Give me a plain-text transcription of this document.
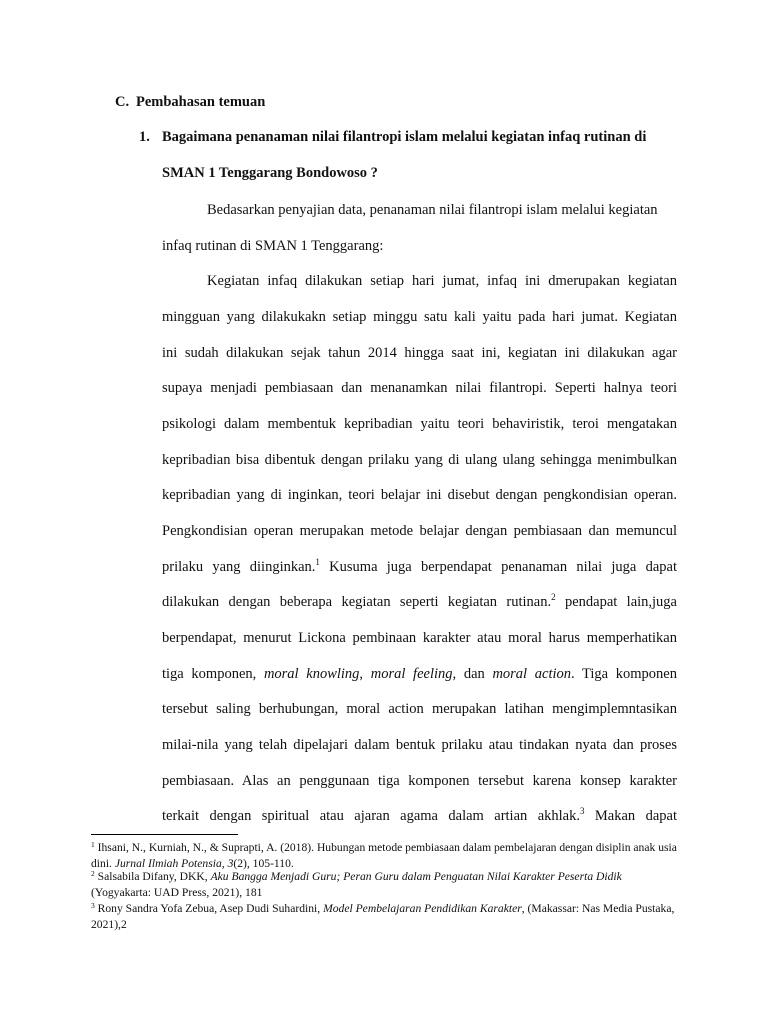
C. Pembahasan temuan
1. Bagaimana penanaman nilai filantropi islam melalui kegiatan infaq rutinan di
SMAN 1 Tenggarang Bondowoso ?
Bedasarkan penyajian data, penanaman nilai filantropi islam melalui kegiatan
infaq rutinan di SMAN 1 Tenggarang:
Kegiatan infaq dilakukan setiap hari jumat, infaq ini dmerupakan kegiatan
mingguan yang dilakukakn setiap minggu satu kali yaitu pada hari jumat. Kegiatan
ini sudah dilakukan sejak tahun 2014 hingga saat ini, kegiatan ini dilakukan agar
supaya menjadi pembiasaan dan menanamkan nilai filantropi. Seperti halnya teori
psikologi dalam membentuk kepribadian yaitu teori behaviristik, teroi mengatakan
kepribadian bisa dibentuk dengan prilaku yang di ulang ulang sehingga menimbulkan
kepribadian yang di inginkan, teori belajar ini disebut dengan pengkondisian operan.
Pengkondisian operan merupakan metode belajar dengan pembiasaan dan memuncul
prilaku yang diinginkan.$^1$ Kusuma juga berpendapat penanaman nilai juga dapat
dilakukan dengan beberapa kegiatan seperti kegiatan rutinan.$^2$ pendapat lain,juga
berpendapat, menurut Lickona pembinaan karakter atau moral harus memperhatikan
tiga komponen, moral knowling, moral feeling, dan moral action. Tiga komponen
tersebut saling berhubungan, moral action merupakan latihan mengimplemntasikan
milai-nila yang telah dipelajari dalam bentuk prilaku atau tindakan nyata dan proses
pembiasaan. Alas an penggunaan tiga komponen tersebut karena konsep karakter
terkait dengan spiritual atau ajaran agama dalam artian akhlak.$^3$ Makan dapat
$^1$ Ihsani, N., Kurniah, N., & Suprapti, A. (2018). Hubungan metode pembiasaan dalam pembelajaran dengan disiplin anak usia dini. Jurnal Ilmiah Potensia, 3(2), 105-110.
$^2$ Salsabila Difany, DKK, Aku Bangga Menjadi Guru; Peran Guru dalam Penguatan Nilai Karakter Peserta Didik (Yogyakarta: UAD Press, 2021), 181
$^3$ Rony Sandra Yofa Zebua, Asep Dudi Suhardini, Model Pembelajaran Pendidikan Karakter, (Makassar: Nas Media Pustaka, 2021),2
